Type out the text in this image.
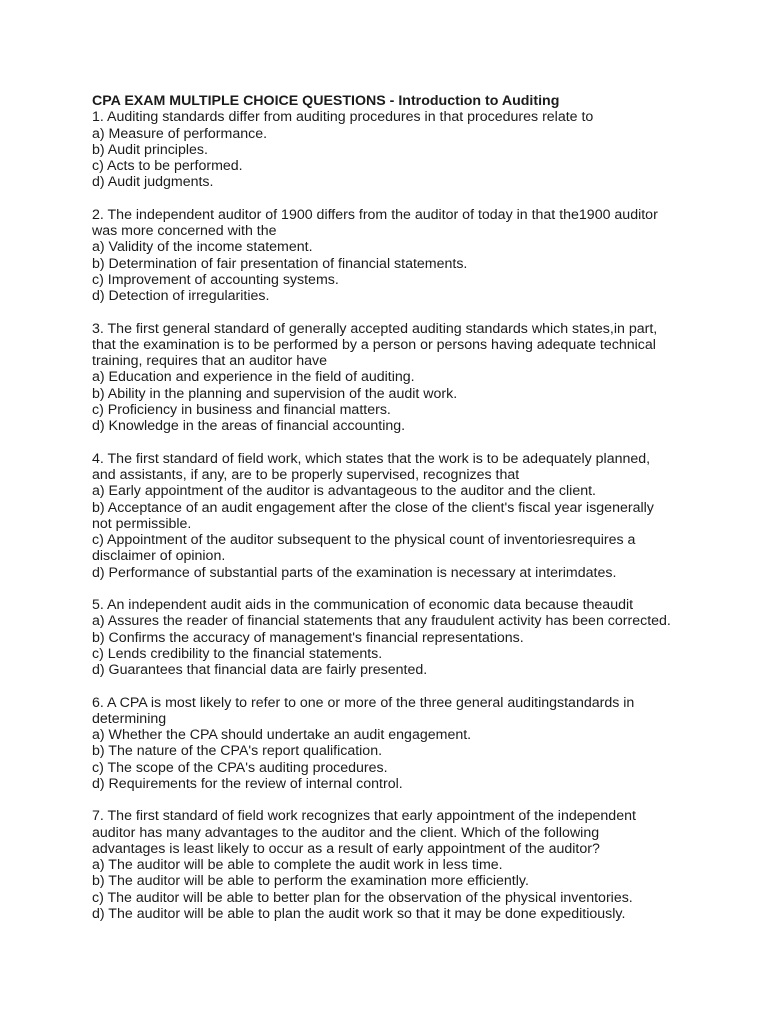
CPA EXAM MULTIPLE CHOICE QUESTIONS - Introduction to Auditing

1. Auditing standards differ from auditing procedures in that procedures relate to

a) Measure of performance.
b) Audit principles.
c) Acts to be performed.
d) Audit judgments.

2. The independent auditor of 1900 differs from the auditor of today in that the1900 auditor was more concerned with the

a) Validity of the income statement.
b) Determination of fair presentation of financial statements.
c) Improvement of accounting systems.
d) Detection of irregularities.

3. The first general standard of generally accepted auditing standards which states,in part, that the examination is to be performed by a person or persons having adequate technical training, requires that an auditor have

a) Education and experience in the field of auditing.
b) Ability in the planning and supervision of the audit work.
c) Proficiency in business and financial matters.
d) Knowledge in the areas of financial accounting.

4. The first standard of field work, which states that the work is to be adequately planned, and assistants, if any, are to be properly supervised, recognizes that

a) Early appointment of the auditor is advantageous to the auditor and the client.
b) Acceptance of an audit engagement after the close of the client's fiscal year isgenerally not permissible.
c) Appointment of the auditor subsequent to the physical count of inventoriesrequires a disclaimer of opinion.
d) Performance of substantial parts of the examination is necessary at interimdates.

5. An independent audit aids in the communication of economic data because theaudit

a) Assures the reader of financial statements that any fraudulent activity has been corrected.
b) Confirms the accuracy of management's financial representations.
c) Lends credibility to the financial statements.
d) Guarantees that financial data are fairly presented.

6. A CPA is most likely to refer to one or more of the three general auditingstandards in determining

a) Whether the CPA should undertake an audit engagement.
b) The nature of the CPA's report qualification.
c) The scope of the CPA's auditing procedures.
d) Requirements for the review of internal control.

7. The first standard of field work recognizes that early appointment of the independent auditor has many advantages to the auditor and the client. Which of the following advantages is least likely to occur as a result of early appointment of the auditor?

a) The auditor will be able to complete the audit work in less time.
b) The auditor will be able to perform the examination more efficiently.
c) The auditor will be able to better plan for the observation of the physical inventories.
d) The auditor will be able to plan the audit work so that it may be done expeditiously.
